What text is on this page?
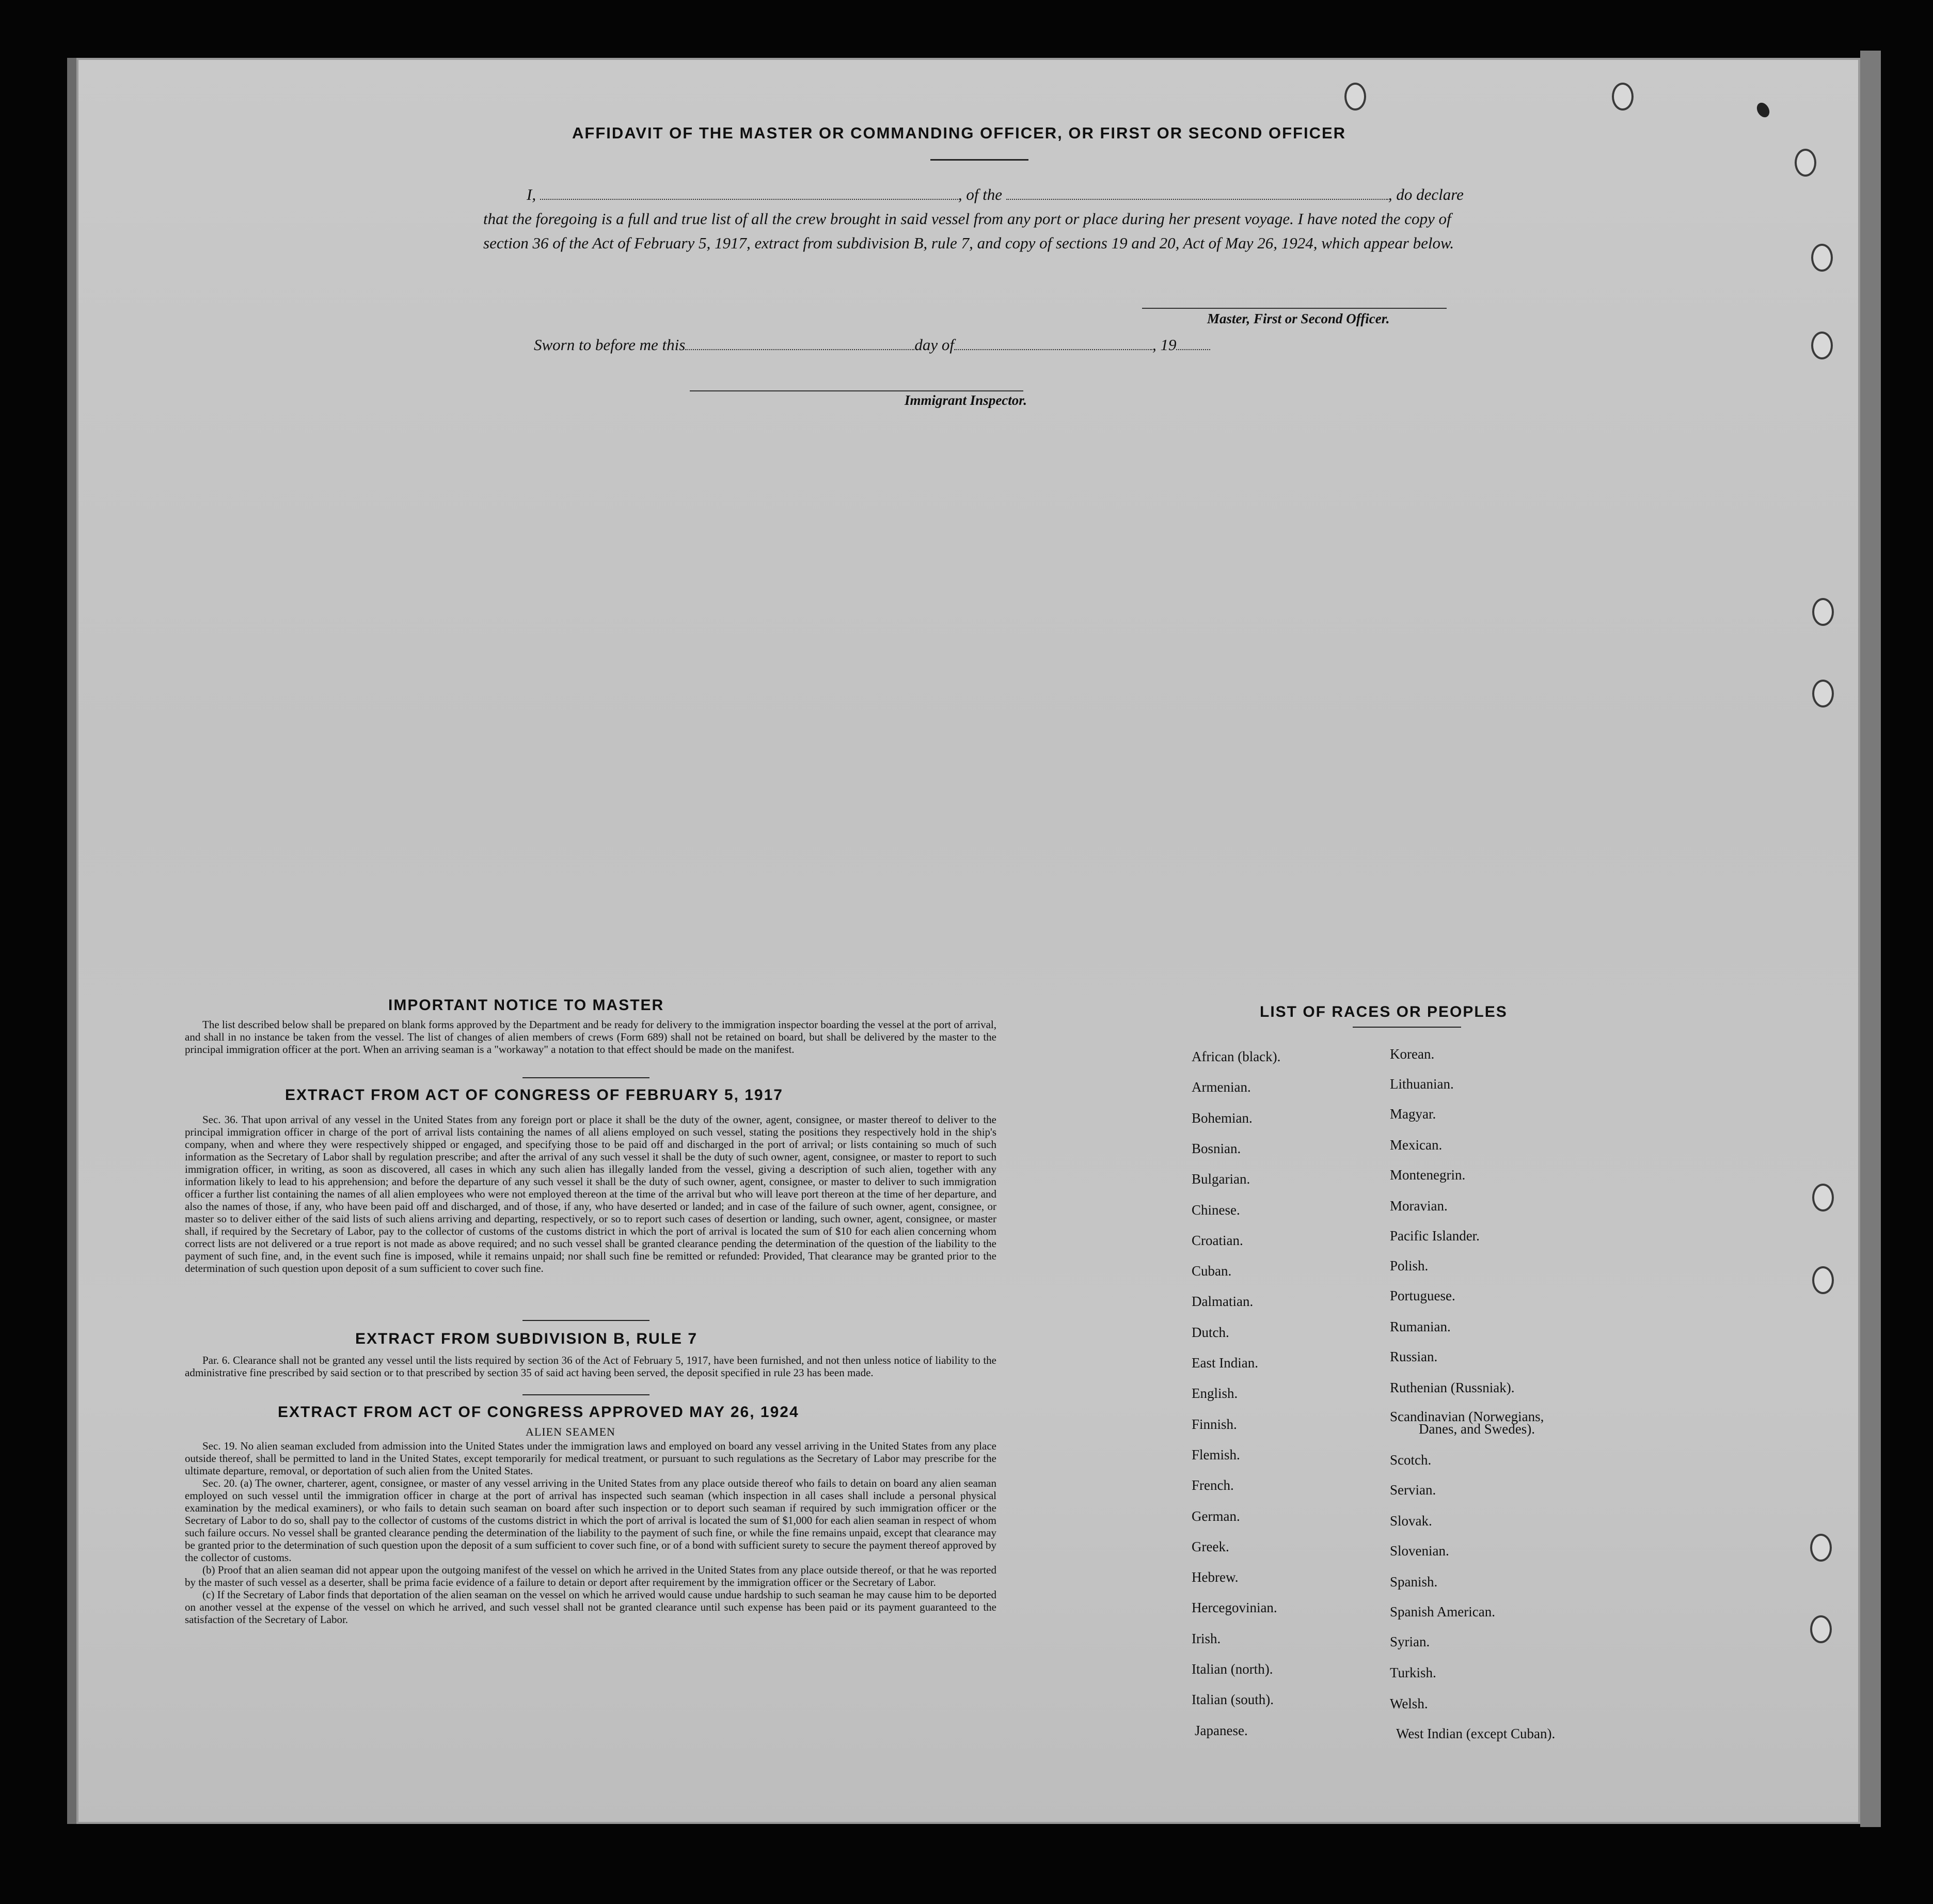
AFFIDAVIT OF THE MASTER OR COMMANDING OFFICER, OR FIRST OR SECOND OFFICER
I,	, of the	, do declare
that the foregoing is a full and true list of all the crew brought in said vessel from any port or place during her present voyage. I have noted the copy of section 36 of the Act of February 5, 1917, extract from subdivision B, rule 7, and copy of sections 19 and 20, Act of May 26, 1924, which appear below.
Master, First or Second Officer.
Sworn to before me this	day of	, 19
Immigrant Inspector.
IMPORTANT NOTICE TO MASTER

The list described below shall be prepared on blank forms approved by the Department and be ready for delivery to the immigration inspector boarding the vessel at the port of arrival, and shall in no instance be taken from the vessel. The list of changes of alien members of crews (Form 689) shall not be retained on board, but shall be delivered by the master to the principal immigration officer at the port. When an arriving seaman is a "workaway" a notation to that effect should be made on the manifest.

EXTRACT FROM ACT OF CONGRESS OF FEBRUARY 5, 1917

Sec. 36. That upon arrival of any vessel in the United States from any foreign port or place it shall be the duty of the owner, agent, consignee, or master thereof to deliver to the principal immigration officer in charge of the port of arrival lists containing the names of all aliens employed on such vessel, stating the positions they respectively hold in the ship's company, when and where they were respectively shipped or engaged, and specifying those to be paid off and discharged in the port of arrival; or lists containing so much of such information as the Secretary of Labor shall by regulation prescribe; and after the arrival of any such vessel it shall be the duty of such owner, agent, consignee, or master to report to such immigration officer, in writing, as soon as discovered, all cases in which any such alien has illegally landed from the vessel, giving a description of such alien, together with any information likely to lead to his apprehension; and before the departure of any such vessel it shall be the duty of such owner, agent, consignee, or master to deliver to such immigration officer a further list containing the names of all alien employees who were not employed thereon at the time of the arrival but who will leave port thereon at the time of her departure, and also the names of those, if any, who have been paid off and discharged, and of those, if any, who have deserted or landed; and in case of the failure of such owner, agent, consignee, or master so to deliver either of the said lists of such aliens arriving and departing, respectively, or so to report such cases of desertion or landing, such owner, agent, consignee, or master shall, if required by the Secretary of Labor, pay to the collector of customs of the customs district in which the port of arrival is located the sum of $10 for each alien concerning whom correct lists are not delivered or a true report is not made as above required; and no such vessel shall be granted clearance pending the determination of the question of the liability to the payment of such fine, and, in the event such fine is imposed, while it remains unpaid; nor shall such fine be remitted or refunded: Provided, That clearance may be granted prior to the determination of such question upon deposit of a sum sufficient to cover such fine.

EXTRACT FROM SUBDIVISION B, RULE 7

Par. 6. Clearance shall not be granted any vessel until the lists required by section 36 of the Act of February 5, 1917, have been furnished, and not then unless notice of liability to the administrative fine prescribed by said section or to that prescribed by section 35 of said act having been served, the deposit specified in rule 23 has been made.

EXTRACT FROM ACT OF CONGRESS APPROVED MAY 26, 1924
ALIEN SEAMEN

Sec. 19. No alien seaman excluded from admission into the United States under the immigration laws and employed on board any vessel arriving in the United States from any place outside thereof, shall be permitted to land in the United States, except temporarily for medical treatment, or pursuant to such regulations as the Secretary of Labor may prescribe for the ultimate departure, removal, or deportation of such alien from the United States.

Sec. 20. (a) The owner, charterer, agent, consignee, or master of any vessel arriving in the United States from any place outside thereof who fails to detain on board any alien seaman employed on such vessel until the immigration officer in charge at the port of arrival has inspected such seaman (which inspection in all cases shall include a personal physical examination by the medical examiners), or who fails to detain such seaman on board after such inspection or to deport such seaman if required by such immigration officer or the Secretary of Labor to do so, shall pay to the collector of customs of the customs district in which the port of arrival is located the sum of $1,000 for each alien seaman in respect of whom such failure occurs. No vessel shall be granted clearance pending the determination of the liability to the payment of such fine, or while the fine remains unpaid, except that clearance may be granted prior to the determination of such question upon the deposit of a sum sufficient to cover such fine, or of a bond with sufficient surety to secure the payment thereof approved by the collector of customs.

(b) Proof that an alien seaman did not appear upon the outgoing manifest of the vessel on which he arrived in the United States from any place outside thereof, or that he was reported by the master of such vessel as a deserter, shall be prima facie evidence of a failure to detain or deport after requirement by the immigration officer or the Secretary of Labor.

(c) If the Secretary of Labor finds that deportation of the alien seaman on the vessel on which he arrived would cause undue hardship to such seaman he may cause him to be deported on another vessel at the expense of the vessel on which he arrived, and such vessel shall not be granted clearance until such expense has been paid or its payment guaranteed to the satisfaction of the Secretary of Labor.

LIST OF RACES OR PEOPLES
African (black).
Armenian.
Bohemian.
Bosnian.
Bulgarian.
Chinese.
Croatian.
Cuban.
Dalmatian.
Dutch.
East Indian.
English.
Finnish.
Flemish.
French.
German.
Greek.
Hebrew.
Hercegovinian.
Irish.
Italian (north).
Italian (south).
Japanese.
Korean.
Lithuanian.
Magyar.
Mexican.
Montenegrin.
Moravian.
Pacific Islander.
Polish.
Portuguese.
Rumanian.
Russian.
Ruthenian (Russniak).
Scandinavian (Norwegians,
Danes, and Swedes).
Scotch.
Servian.
Slovak.
Slovenian.
Spanish.
Spanish American.
Syrian.
Turkish.
Welsh.
West Indian (except Cuban).
